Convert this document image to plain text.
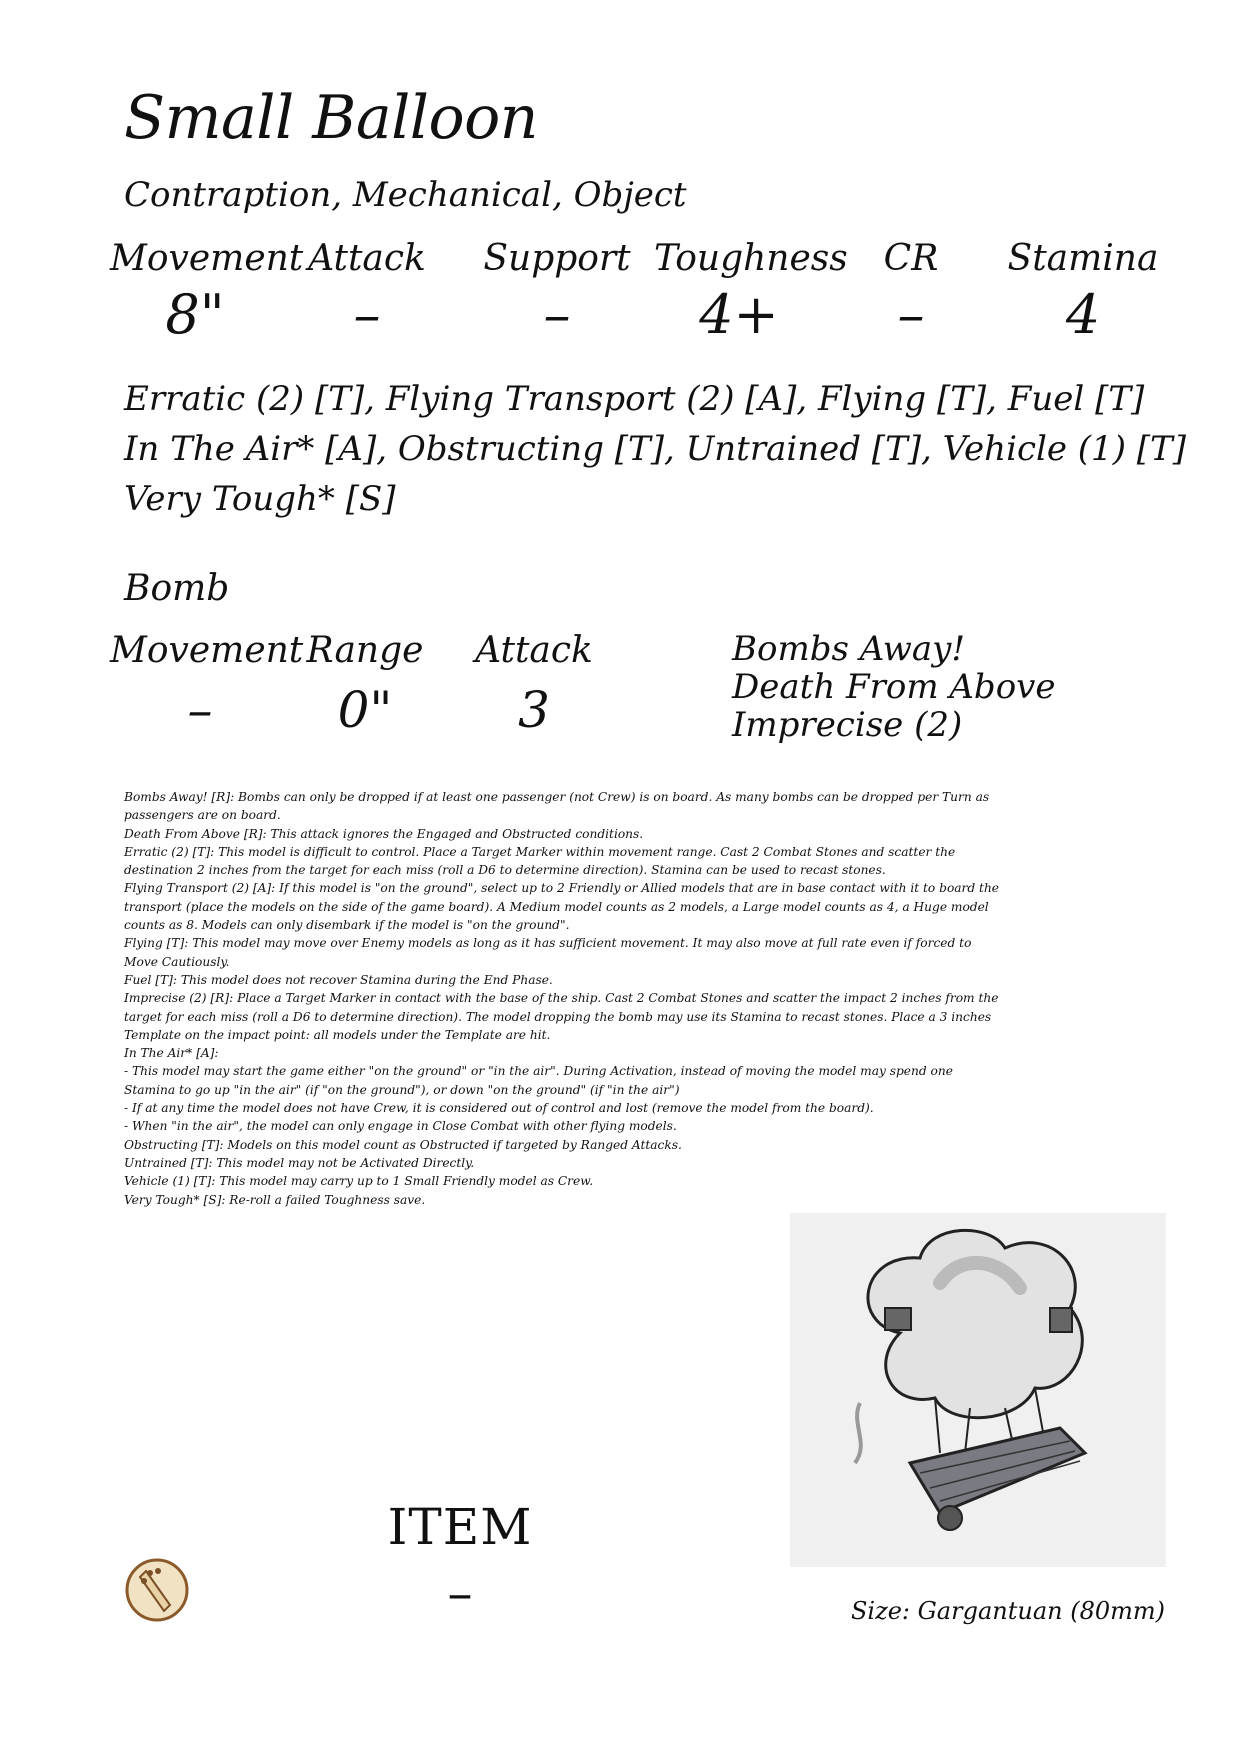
Small Balloon
Contraption, Mechanical, Object
Movement
8"
Attack
–
Support
–
Toughness
4+
CR
–
Stamina
4
Erratic (2) [T], Flying Transport (2) [A], Flying [T], Fuel [T]
In The Air* [A], Obstructing [T], Untrained [T], Vehicle (1) [T]
Very Tough* [S]
Bomb
Movement
–
Range
0"
Attack
3
Bombs Away!
Death From Above
Imprecise (2)
Bombs Away! [R]: Bombs can only be dropped if at least one passenger (not Crew) is on board. As many bombs can be dropped per Turn as passengers are on board.
Death From Above [R]: This attack ignores the Engaged and Obstructed conditions.
Erratic (2) [T]: This model is difficult to control. Place a Target Marker within movement range. Cast 2 Combat Stones and scatter the destination 2 inches from the target for each miss (roll a D6 to determine direction). Stamina can be used to recast stones.
Flying Transport (2) [A]: If this model is "on the ground", select up to 2 Friendly or Allied models that are in base contact with it to board the transport (place the models on the side of the game board). A Medium model counts as 2 models, a Large model counts as 4, a Huge model counts as 8. Models can only disembark if the model is "on the ground".
Flying [T]: This model may move over Enemy models as long as it has sufficient movement. It may also move at full rate even if forced to Move Cautiously.
Fuel [T]: This model does not recover Stamina during the End Phase.
Imprecise (2) [R]: Place a Target Marker in contact with the base of the ship. Cast 2 Combat Stones and scatter the impact 2 inches from the target for each miss (roll a D6 to determine direction). The model dropping the bomb may use its Stamina to recast stones. Place a 3 inches Template on the impact point: all models under the Template are hit.
In The Air* [A]:
- This model may start the game either "on the ground" or "in the air". During Activation, instead of moving the model may spend one Stamina to go up "in the air" (if "on the ground"), or down "on the ground" (if "in the air")
- If at any time the model does not have Crew, it is considered out of control and lost (remove the model from the board).
- When "in the air", the model can only engage in Close Combat with other flying models.
Obstructing [T]: Models on this model count as Obstructed if targeted by Ranged Attacks.
Untrained [T]: This model may not be Activated Directly.
Vehicle (1) [T]: This model may carry up to 1 Small Friendly model as Crew.
Very Tough* [S]: Re-roll a failed Toughness save.
ITEM
–	Size: Gargantuan (80mm)
